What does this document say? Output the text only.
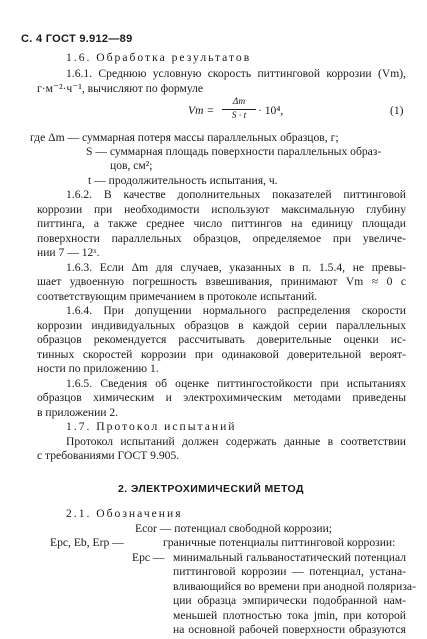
С. 4 ГОСТ 9.912—89
1.6. Обработка результатов
1.6.1. Среднюю условную скорость питтинговой коррозии (Vm),
г·м⁻²·ч⁻¹, вычисляют по формуле
Vm =
Δm
S · t	· 10⁴,	(1)
где Δm — суммарная потеря массы параллельных образцов, г;
S — суммарная площадь поверхности параллельных образ-
цов, см²;
t — продолжительность испытания, ч.
1.6.2. В качестве дополнительных показателей питтинговой
коррозии при необходимости используют максимальную глубину
питтинга, а также среднее число питтингов на единицу площади
поверхности параллельных образцов, определяемое при увеличе-
нии 7 — 12ˣ.
1.6.3. Если Δm для случаев, указанных в п. 1.5.4, не превы-
шает удвоенную погрешность взвешивания, принимают Vm ≈ 0 с
соответствующим примечанием в протоколе испытаний.
1.6.4. При допущении нормального распределения скорости
коррозии индивидуальных образцов в каждой серии параллельных
образцов рекомендуется рассчитывать доверительные оценки ис-
тинных скоростей коррозии при одинаковой доверительной вероят-
ности по приложению 1.
1.6.5. Сведения об оценке питтингостойкости при испытаниях
образцов химическим и электрохимическим методами приведены
в приложении 2.
1.7. Протокол испытаний
Протокол испытаний должен содержать данные в соответствии
с требованиями ГОСТ 9.905.
2. ЭЛЕКТРОХИМИЧЕСКИЙ МЕТОД
2.1. Обозначения
Ecor — потенциал свободной коррозии;
Epc, Eb, Erp —	граничные потенциалы питтинговой коррозии:
Epc — минимальный гальваностатический потенциал
питтинговой коррозии — потенциал, устана-
вливающийся во времени при анодной поляриза-
ции образца эмпирически подобранной нам-
меньшей плотностью тока jmin, при которой
на основной рабочей поверхности образуются
